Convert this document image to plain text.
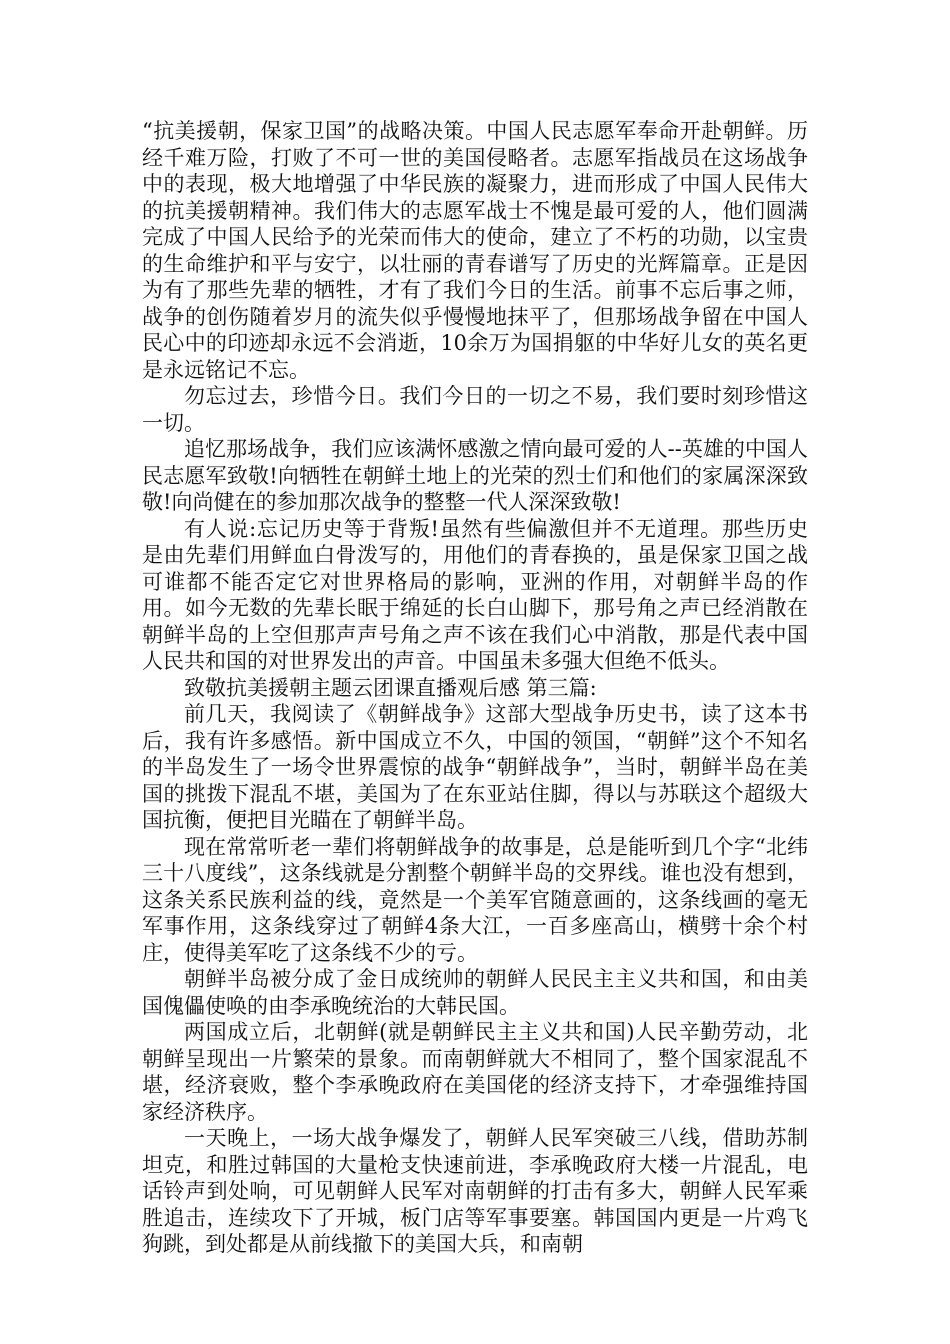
“抗美援朝，保家卫国”的战略决策。中国人民志愿军奉命开赴朝鲜。历经千难万险，打败了不可一世的美国侵略者。志愿军指战员在这场战争中的表现，极大地增强了中华民族的凝聚力，进而形成了中国人民伟大的抗美援朝精神。我们伟大的志愿军战士不愧是最可爱的人，他们圆满完成了中国人民给予的光荣而伟大的使命，建立了不朽的功勋，以宝贵的生命维护和平与安宁，以壮丽的青春谱写了历史的光辉篇章。正是因为有了那些先辈的牺牲，才有了我们今日的生活。前事不忘后事之师，战争的创伤随着岁月的流失似乎慢慢地抹平了，但那场战争留在中国人民心中的印迹却永远不会消逝，10余万为国捐躯的中华好儿女的英名更是永远铭记不忘。

勿忘过去，珍惜今日。我们今日的一切之不易，我们要时刻珍惜这一切。

追忆那场战争，我们应该满怀感激之情向最可爱的人--英雄的中国人民志愿军致敬!向牺牲在朝鲜土地上的光荣的烈士们和他们的家属深深致敬!向尚健在的参加那次战争的整整一代人深深致敬!

有人说:忘记历史等于背叛!虽然有些偏激但并不无道理。那些历史是由先辈们用鲜血白骨泼写的，用他们的青春换的，虽是保家卫国之战可谁都不能否定它对世界格局的影响，亚洲的作用，对朝鲜半岛的作用。如今无数的先辈长眠于绵延的长白山脚下，那号角之声已经消散在朝鲜半岛的上空但那声声号角之声不该在我们心中消散，那是代表中国人民共和国的对世界发出的声音。中国虽未多强大但绝不低头。

致敬抗美援朝主题云团课直播观后感 第三篇:

前几天，我阅读了《朝鲜战争》这部大型战争历史书，读了这本书后，我有许多感悟。新中国成立不久，中国的领国，“朝鲜”这个不知名的半岛发生了一场令世界震惊的战争“朝鲜战争”，当时，朝鲜半岛在美国的挑拨下混乱不堪，美国为了在东亚站住脚，得以与苏联这个超级大国抗衡，便把目光瞄在了朝鲜半岛。

现在常常听老一辈们将朝鲜战争的故事是，总是能听到几个字“北纬三十八度线”，这条线就是分割整个朝鲜半岛的交界线。谁也没有想到，这条关系民族利益的线，竟然是一个美军官随意画的，这条线画的毫无军事作用，这条线穿过了朝鲜4条大江，一百多座高山，横劈十余个村庄，使得美军吃了这条线不少的亏。

朝鲜半岛被分成了金日成统帅的朝鲜人民民主主义共和国，和由美国傀儡使唤的由李承晚统治的大韩民国。

两国成立后，北朝鲜(就是朝鲜民主主义共和国)人民辛勤劳动，北朝鲜呈现出一片繁荣的景象。而南朝鲜就大不相同了，整个国家混乱不堪，经济衰败，整个李承晚政府在美国佬的经济支持下，才牵强维持国家经济秩序。

一天晚上，一场大战争爆发了，朝鲜人民军突破三八线，借助苏制坦克，和胜过韩国的大量枪支快速前进，李承晚政府大楼一片混乱，电话铃声到处响，可见朝鲜人民军对南朝鲜的打击有多大，朝鲜人民军乘胜追击，连续攻下了开城，板门店等军事要塞。韩国国内更是一片鸡飞狗跳，到处都是从前线撤下的美国大兵，和南朝
